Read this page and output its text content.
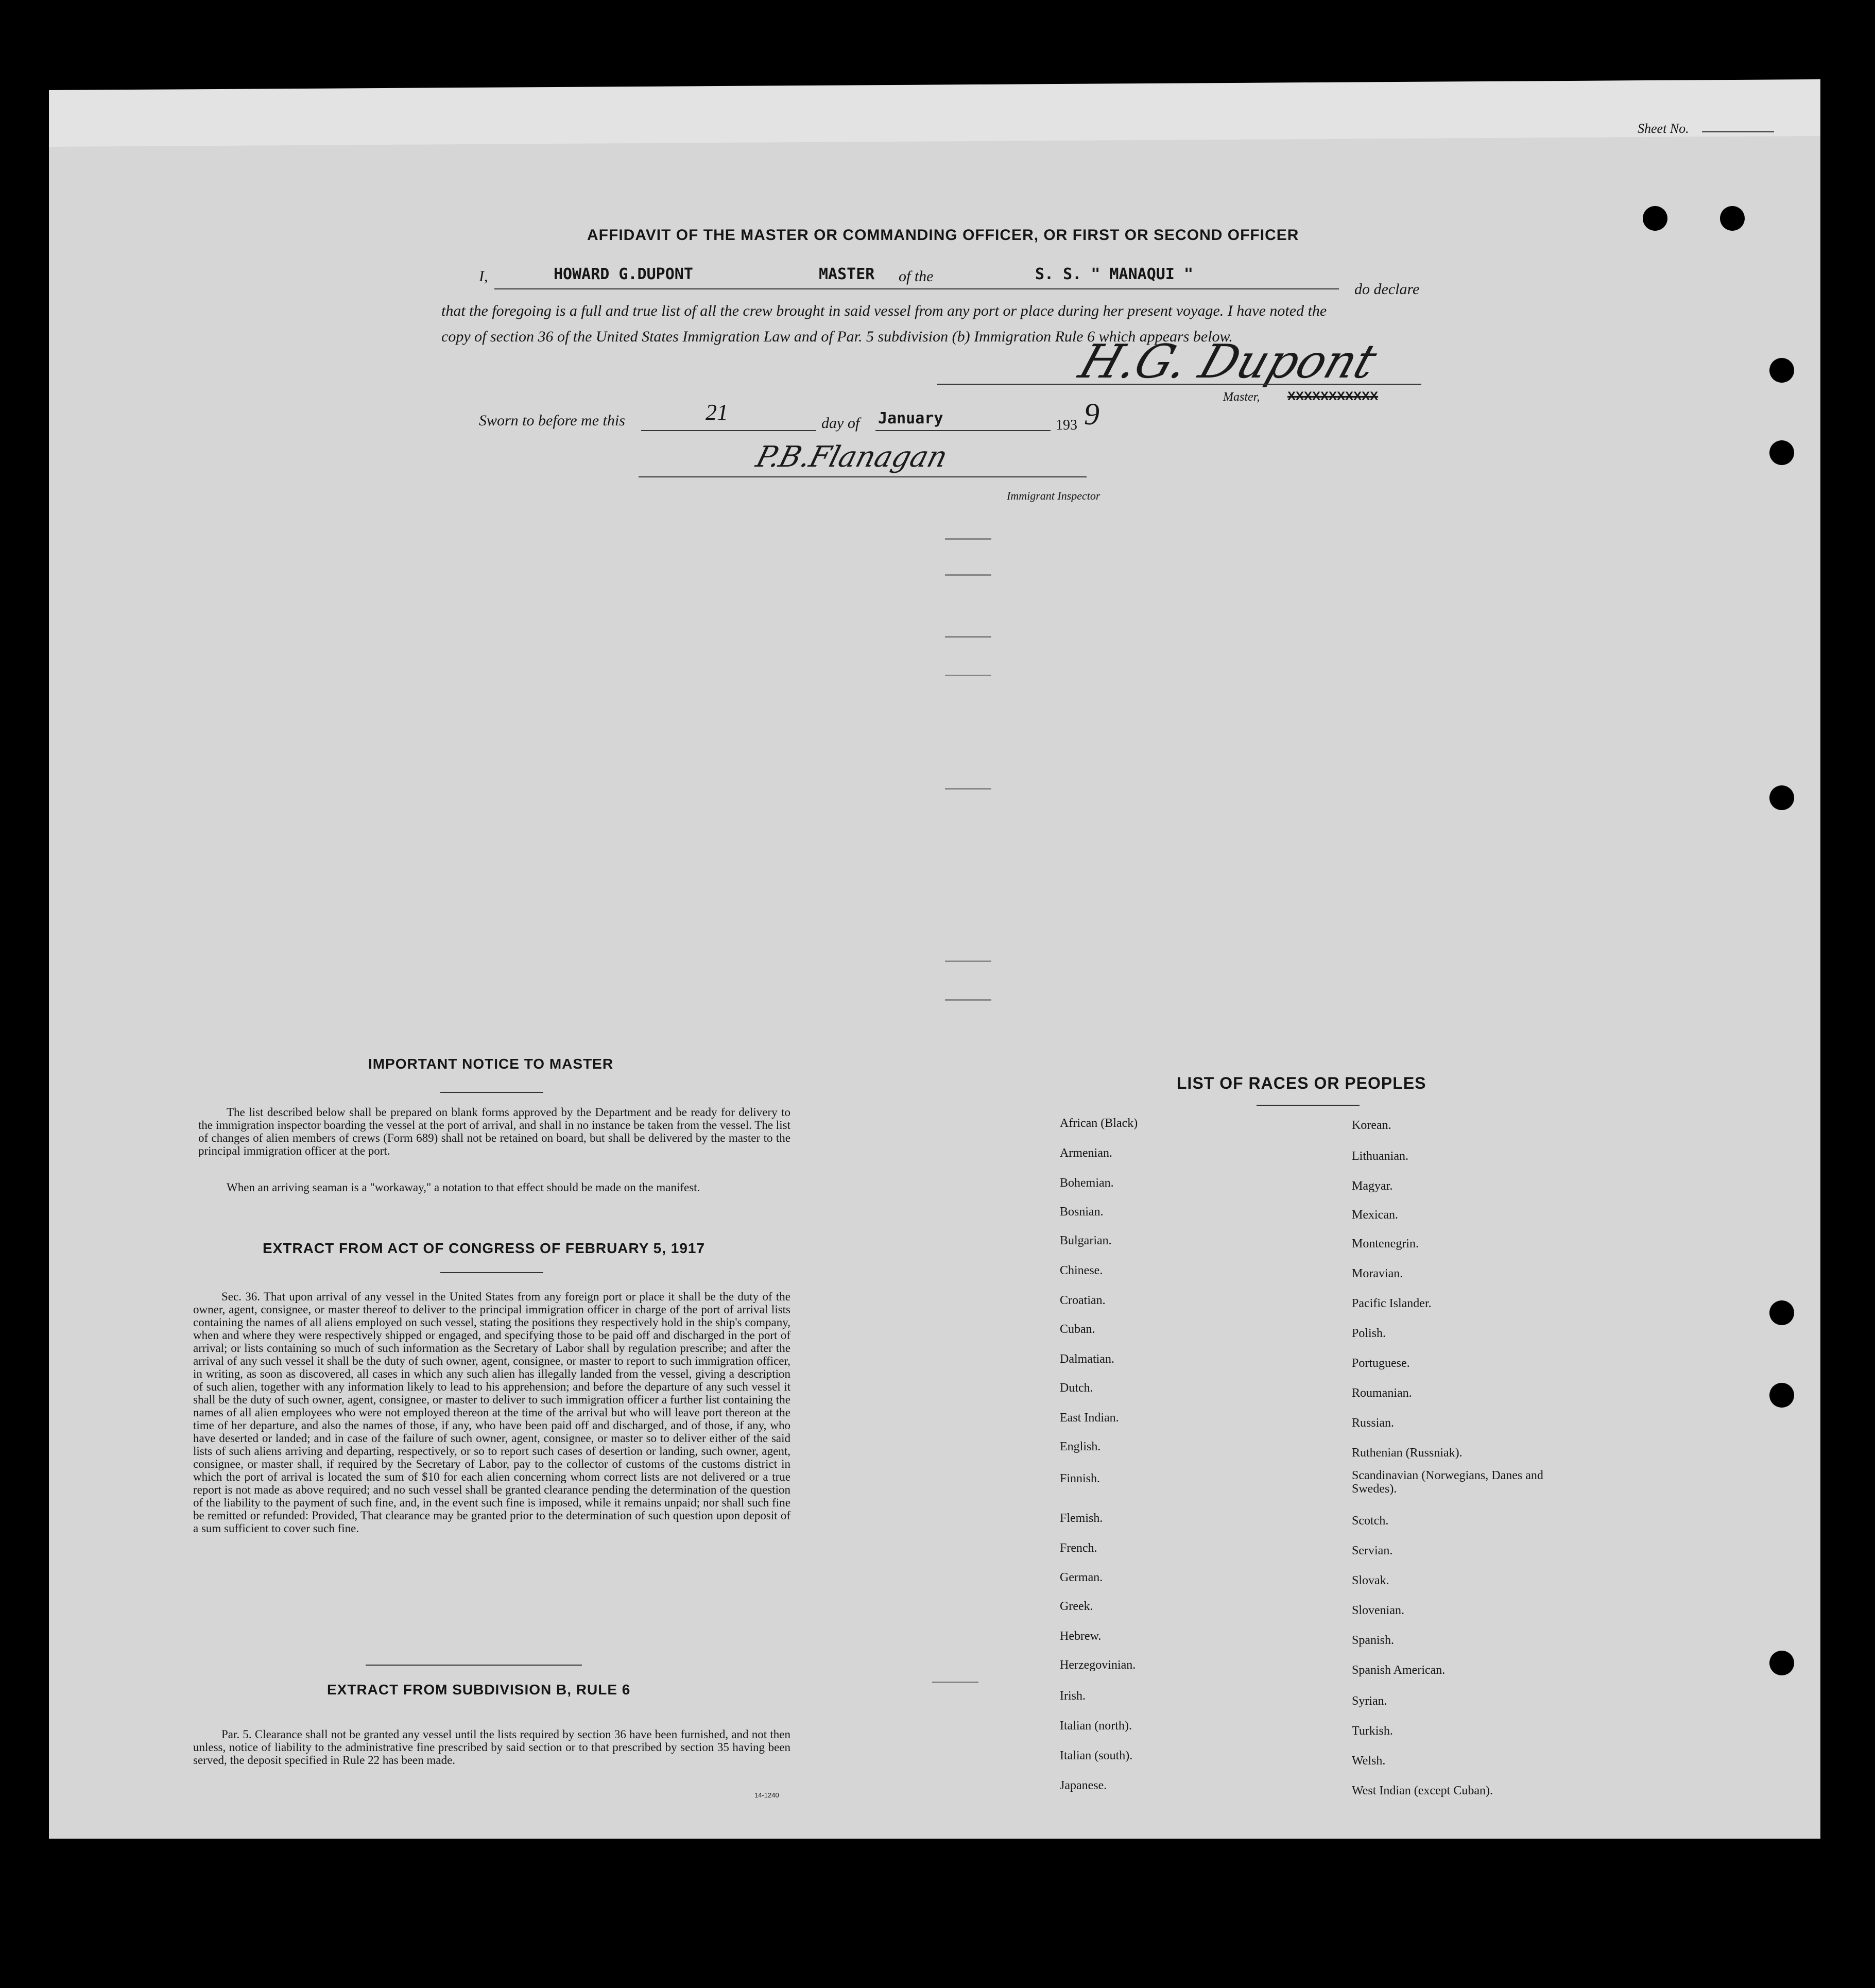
Sheet No.
AFFIDAVIT OF THE MASTER OR COMMANDING OFFICER, OR FIRST OR SECOND OFFICER
I,	HOWARD G.DUPONT	MASTER of the	S. S. " MANAQUI "
do declare
that the foregoing is a full and true list of all the crew brought in said vessel from any port or place during her present voyage. I have noted the
copy of section 36 of the United States Immigration Law and of Par. 5 subdivision (b) Immigration Rule 6 which appears below.
H.G. Dupont
Master, XXXXXXXXXXX
Sworn to before me this	21	day of January	193 9
P.B.Flanagan
Immigrant Inspector
IMPORTANT NOTICE TO MASTER
The list described below shall be prepared on blank forms approved by the Department and be ready for delivery to the immigration inspector boarding the vessel at the port of arrival, and shall in no instance be taken from the vessel. The list of changes of alien members of crews (Form 689) shall not be retained on board, but shall be delivered by the master to the principal immigration officer at the port.
When an arriving seaman is a "workaway," a notation to that effect should be made on the manifest.
EXTRACT FROM ACT OF CONGRESS OF FEBRUARY 5, 1917
Sec. 36. That upon arrival of any vessel in the United States from any foreign port or place it shall be the duty of the owner, agent, consignee, or master thereof to deliver to the principal immigration officer in charge of the port of arrival lists containing the names of all aliens employed on such vessel, stating the positions they respectively hold in the ship's company, when and where they were respectively shipped or engaged, and specifying those to be paid off and discharged in the port of arrival; or lists containing so much of such information as the Secretary of Labor shall by regulation prescribe; and after the arrival of any such vessel it shall be the duty of such owner, agent, consignee, or master to report to such immigration officer, in writing, as soon as discovered, all cases in which any such alien has illegally landed from the vessel, giving a description of such alien, together with any information likely to lead to his apprehension; and before the departure of any such vessel it shall be the duty of such owner, agent, consignee, or master to deliver to such immigration officer a further list containing the names of all alien employees who were not employed thereon at the time of the arrival but who will leave port thereon at the time of her departure, and also the names of those, if any, who have been paid off and discharged, and of those, if any, who have deserted or landed; and in case of the failure of such owner, agent, consignee, or master so to deliver either of the said lists of such aliens arriving and departing, respectively, or so to report such cases of desertion or landing, such owner, agent, consignee, or master shall, if required by the Secretary of Labor, pay to the collector of customs of the customs district in which the port of arrival is located the sum of $10 for each alien concerning whom correct lists are not delivered or a true report is not made as above required; and no such vessel shall be granted clearance pending the determination of the question of the liability to the payment of such fine, and, in the event such fine is imposed, while it remains unpaid; nor shall such fine be remitted or refunded: Provided, That clearance may be granted prior to the determination of such question upon deposit of a sum sufficient to cover such fine.
EXTRACT FROM SUBDIVISION B, RULE 6
Par. 5. Clearance shall not be granted any vessel until the lists required by section 36 have been furnished, and not then unless, notice of liability to the administrative fine prescribed by said section or to that prescribed by section 35 having been served, the deposit specified in Rule 22 has been made.
14-1240
LIST OF RACES OR PEOPLES
African (Black)
Armenian.
Bohemian.
Bosnian.
Bulgarian.
Chinese.
Croatian.
Cuban.
Dalmatian.
Dutch.
East Indian.
English.
Finnish.
Flemish.
French.
German.
Greek.
Hebrew.
Herzegovinian.
Irish.
Italian (north).
Italian (south).
Japanese.
Korean.
Lithuanian.
Magyar.
Mexican.
Montenegrin.
Moravian.
Pacific Islander.
Polish.
Portuguese.
Roumanian.
Russian.
Ruthenian (Russniak).
Scandinavian (Norwegians, Danes and Swedes).
Scotch.
Servian.
Slovak.
Slovenian.
Spanish.
Spanish American.
Syrian.
Turkish.
Welsh.
West Indian (except Cuban).
